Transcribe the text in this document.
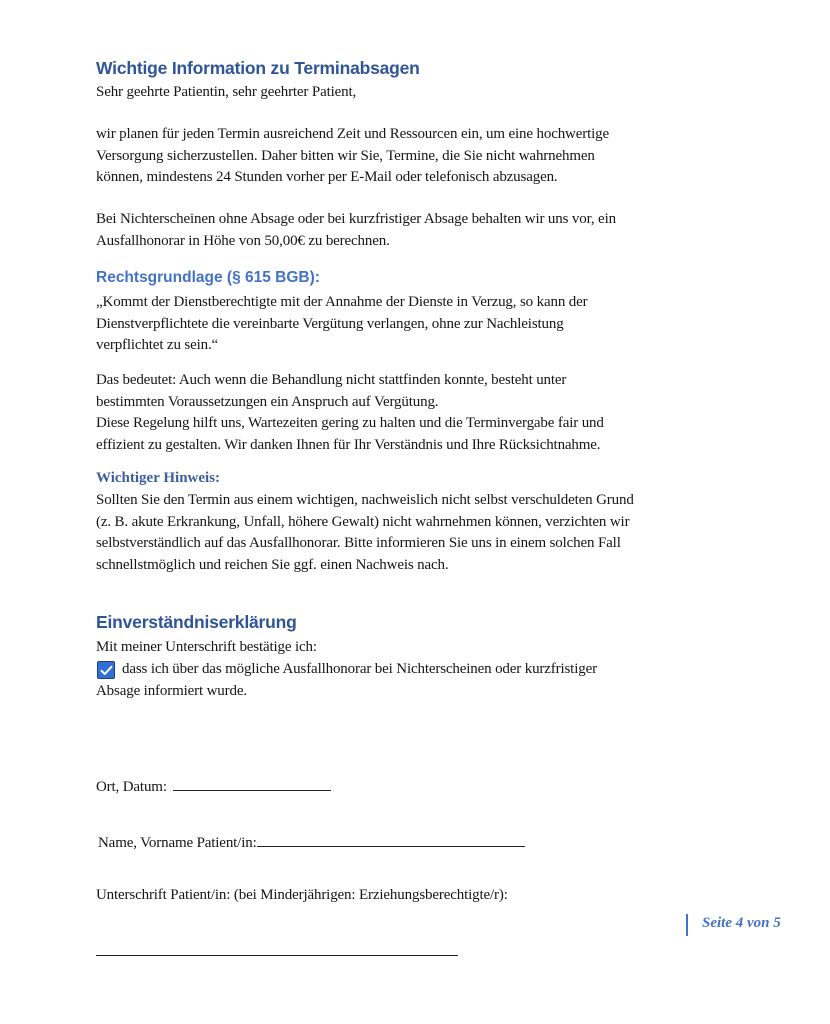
Wichtige Information zu Terminabsagen
Sehr geehrte Patientin, sehr geehrter Patient,
wir planen für jeden Termin ausreichend Zeit und Ressourcen ein, um eine hochwertige
Versorgung sicherzustellen. Daher bitten wir Sie, Termine, die Sie nicht wahrnehmen
können, mindestens 24 Stunden vorher per E-Mail oder telefonisch abzusagen.
Bei Nichterscheinen ohne Absage oder bei kurzfristiger Absage behalten wir uns vor, ein
Ausfallhonorar in Höhe von 50,00€ zu berechnen.
Rechtsgrundlage (§ 615 BGB):
„Kommt der Dienstberechtigte mit der Annahme der Dienste in Verzug, so kann der
Dienstverpflichtete die vereinbarte Vergütung verlangen, ohne zur Nachleistung
verpflichtet zu sein.“
Das bedeutet: Auch wenn die Behandlung nicht stattfinden konnte, besteht unter
bestimmten Voraussetzungen ein Anspruch auf Vergütung.
Diese Regelung hilft uns, Wartezeiten gering zu halten und die Terminvergabe fair und
effizient zu gestalten. Wir danken Ihnen für Ihr Verständnis und Ihre Rücksichtnahme.
Wichtiger Hinweis:
Sollten Sie den Termin aus einem wichtigen, nachweislich nicht selbst verschuldeten Grund
(z. B. akute Erkrankung, Unfall, höhere Gewalt) nicht wahrnehmen können, verzichten wir
selbstverständlich auf das Ausfallhonorar. Bitte informieren Sie uns in einem solchen Fall
schnellstmöglich und reichen Sie ggf. einen Nachweis nach.
Einverständniserklärung
Mit meiner Unterschrift bestätige ich:
dass ich über das mögliche Ausfallhonorar bei Nichterscheinen oder kurzfristiger
Absage informiert wurde.
Ort, Datum:
Name, Vorname Patient/in:
Unterschrift Patient/in: (bei Minderjährigen: Erziehungsberechtigte/r):
Seite 4 von 5
